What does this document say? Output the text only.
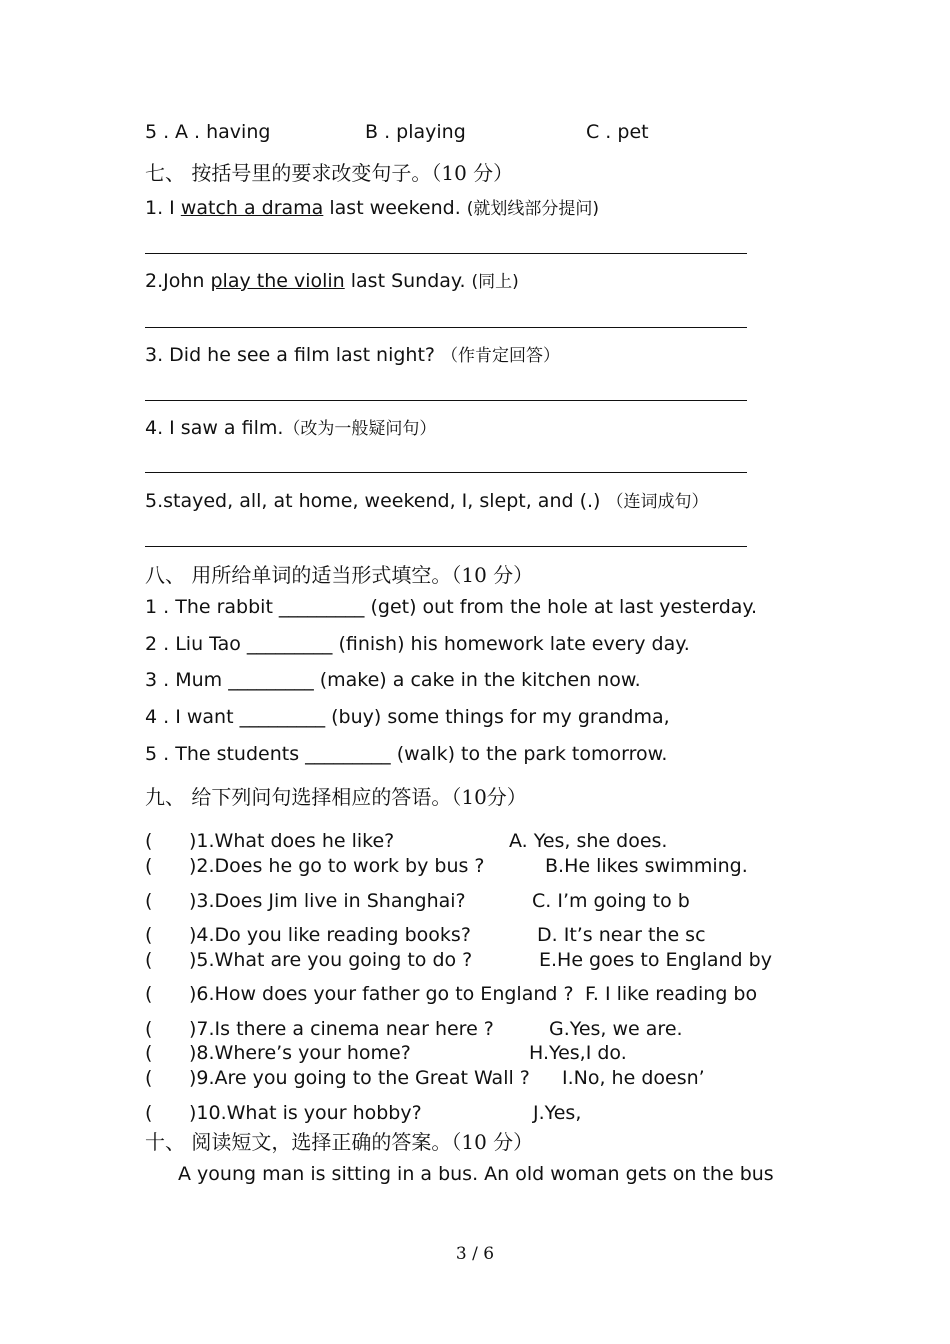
5 . A . having	B . playing	C . pet
七、 按括号里的要求改变句子。（10 分）
1. I watch a drama last weekend. (就划线部分提问)
2.John play the violin last Sunday. (同上)
3. Did he see a film last night? （作肯定回答）
4. I saw a film.（改为一般疑问句）
5.stayed, all, at home, weekend, I, slept, and (.) （连词成句）
八、 用所给单词的适当形式填空。（10 分）
1 . The rabbit _________ (get) out from the hole at last yesterday.
2 . Liu Tao _________ (finish) his homework late every day.
3 . Mum _________ (make) a cake in the kitchen now.
4 . I want _________ (buy) some things for my grandma,
5 . The students _________ (walk) to the park tomorrow.
九、 给下列问句选择相应的答语。（10分）
( )1.What does he like?	A. Yes, she does.
( )2.Does he go to work by bus ?	B.He likes swimming.
( )3.Does Jim live in Shanghai?	C. I’m going to b
( )4.Do you like reading books?	D. It’s near the sc
( )5.What are you going to do ?	E.He goes to England by
( )6.How does your father go to England ? F. I like reading bo
( )7.Is there a cinema near here ?	G.Yes, we are.
( )8.Where’s your home?	H.Yes,I do.
( )9.Are you going to the Great Wall ? I.No, he doesn’
( )10.What is your hobby?	J.Yes,
十、 阅读短文，选择正确的答案。（10 分）
A young man is sitting in a bus. An old woman gets on the bus
3 / 6
